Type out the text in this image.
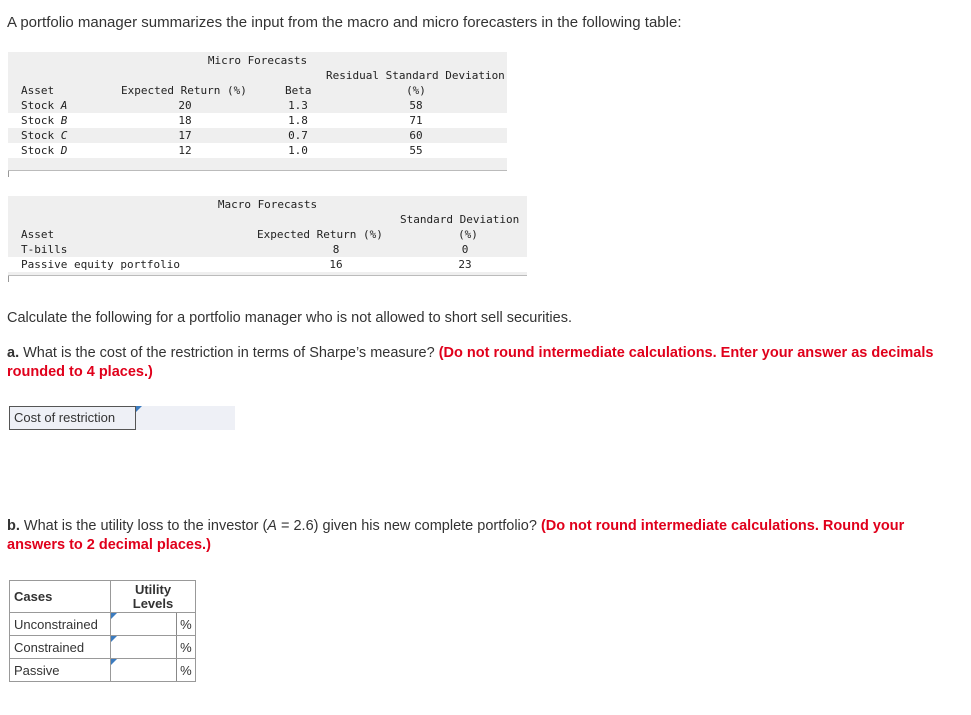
A portfolio manager summarizes the input from the macro and micro forecasters in the following table:
Micro Forecasts
Residual Standard Deviation
Asset	Expected Return (%)	Beta	(%)
Stock A	20	1.3	58
Stock B	18	1.8	71
Stock C	17	0.7	60
Stock D	12	1.0	55
Macro Forecasts
Standard Deviation
Asset	Expected Return (%)	(%)
T-bills	8	0
Passive equity portfolio	16	23
Calculate the following for a portfolio manager who is not allowed to short sell securities.
a. What is the cost of the restriction in terms of Sharpe’s measure? (Do not round intermediate calculations. Enter your answer as decimals rounded to 4 places.)
Cost of restriction
b. What is the utility loss to the investor (A = 2.6) given his new complete portfolio? (Do not round intermediate calculations. Round your answers to 2 decimal places.)
Cases	Utility
Levels	

Unconstrained		%
Constrained		%
Passive		%
